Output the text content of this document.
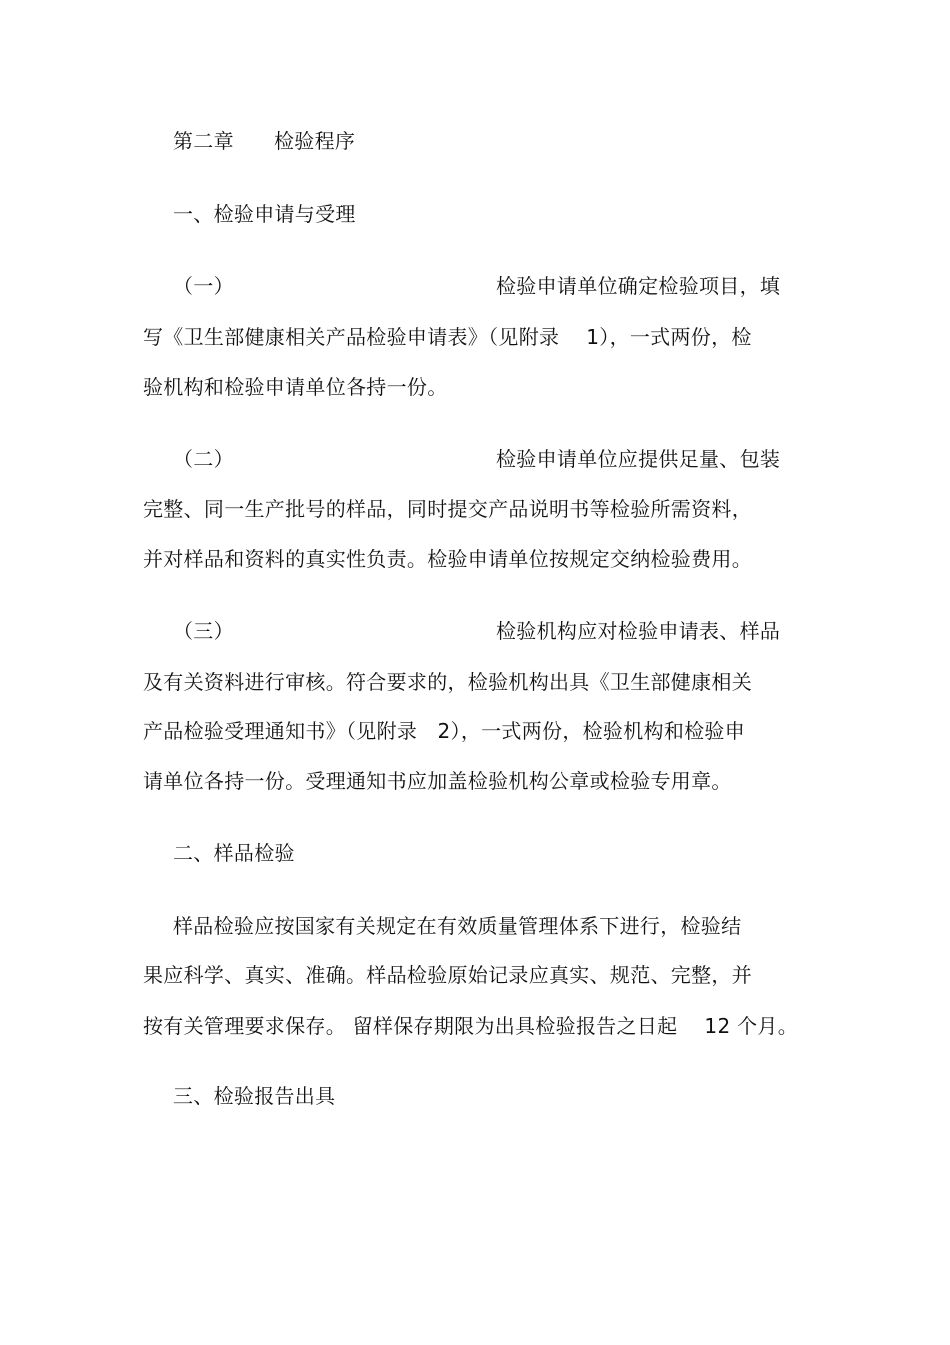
第二章 检验程序
一、检验申请与受理
（一）	检验申请单位确定检验项目，填
写《卫生部健康相关产品检验申请表》（见附录　 1），一式两份，检
验机构和检验申请单位各持一份。
（二）	检验申请单位应提供足量、包装
完整、同一生产批号的样品，同时提交产品说明书等检验所需资料，
并对样品和资料的真实性负责。检验申请单位按规定交纳检验费用。
（三）	检验机构应对检验申请表、样品
及有关资料进行审核。符合要求的，检验机构出具《卫生部健康相关
产品检验受理通知书》（见附录　2），一式两份，检验机构和检验申
请单位各持一份。受理通知书应加盖检验机构公章或检验专用章。
二、样品检验
样品检验应按国家有关规定在有效质量管理体系下进行，检验结
果应科学、真实、准确。样品检验原始记录应真实、规范、完整，并
按有关管理要求保存。 留样保存期限为出具检验报告之日起　 12 个月。
三、检验报告出具
